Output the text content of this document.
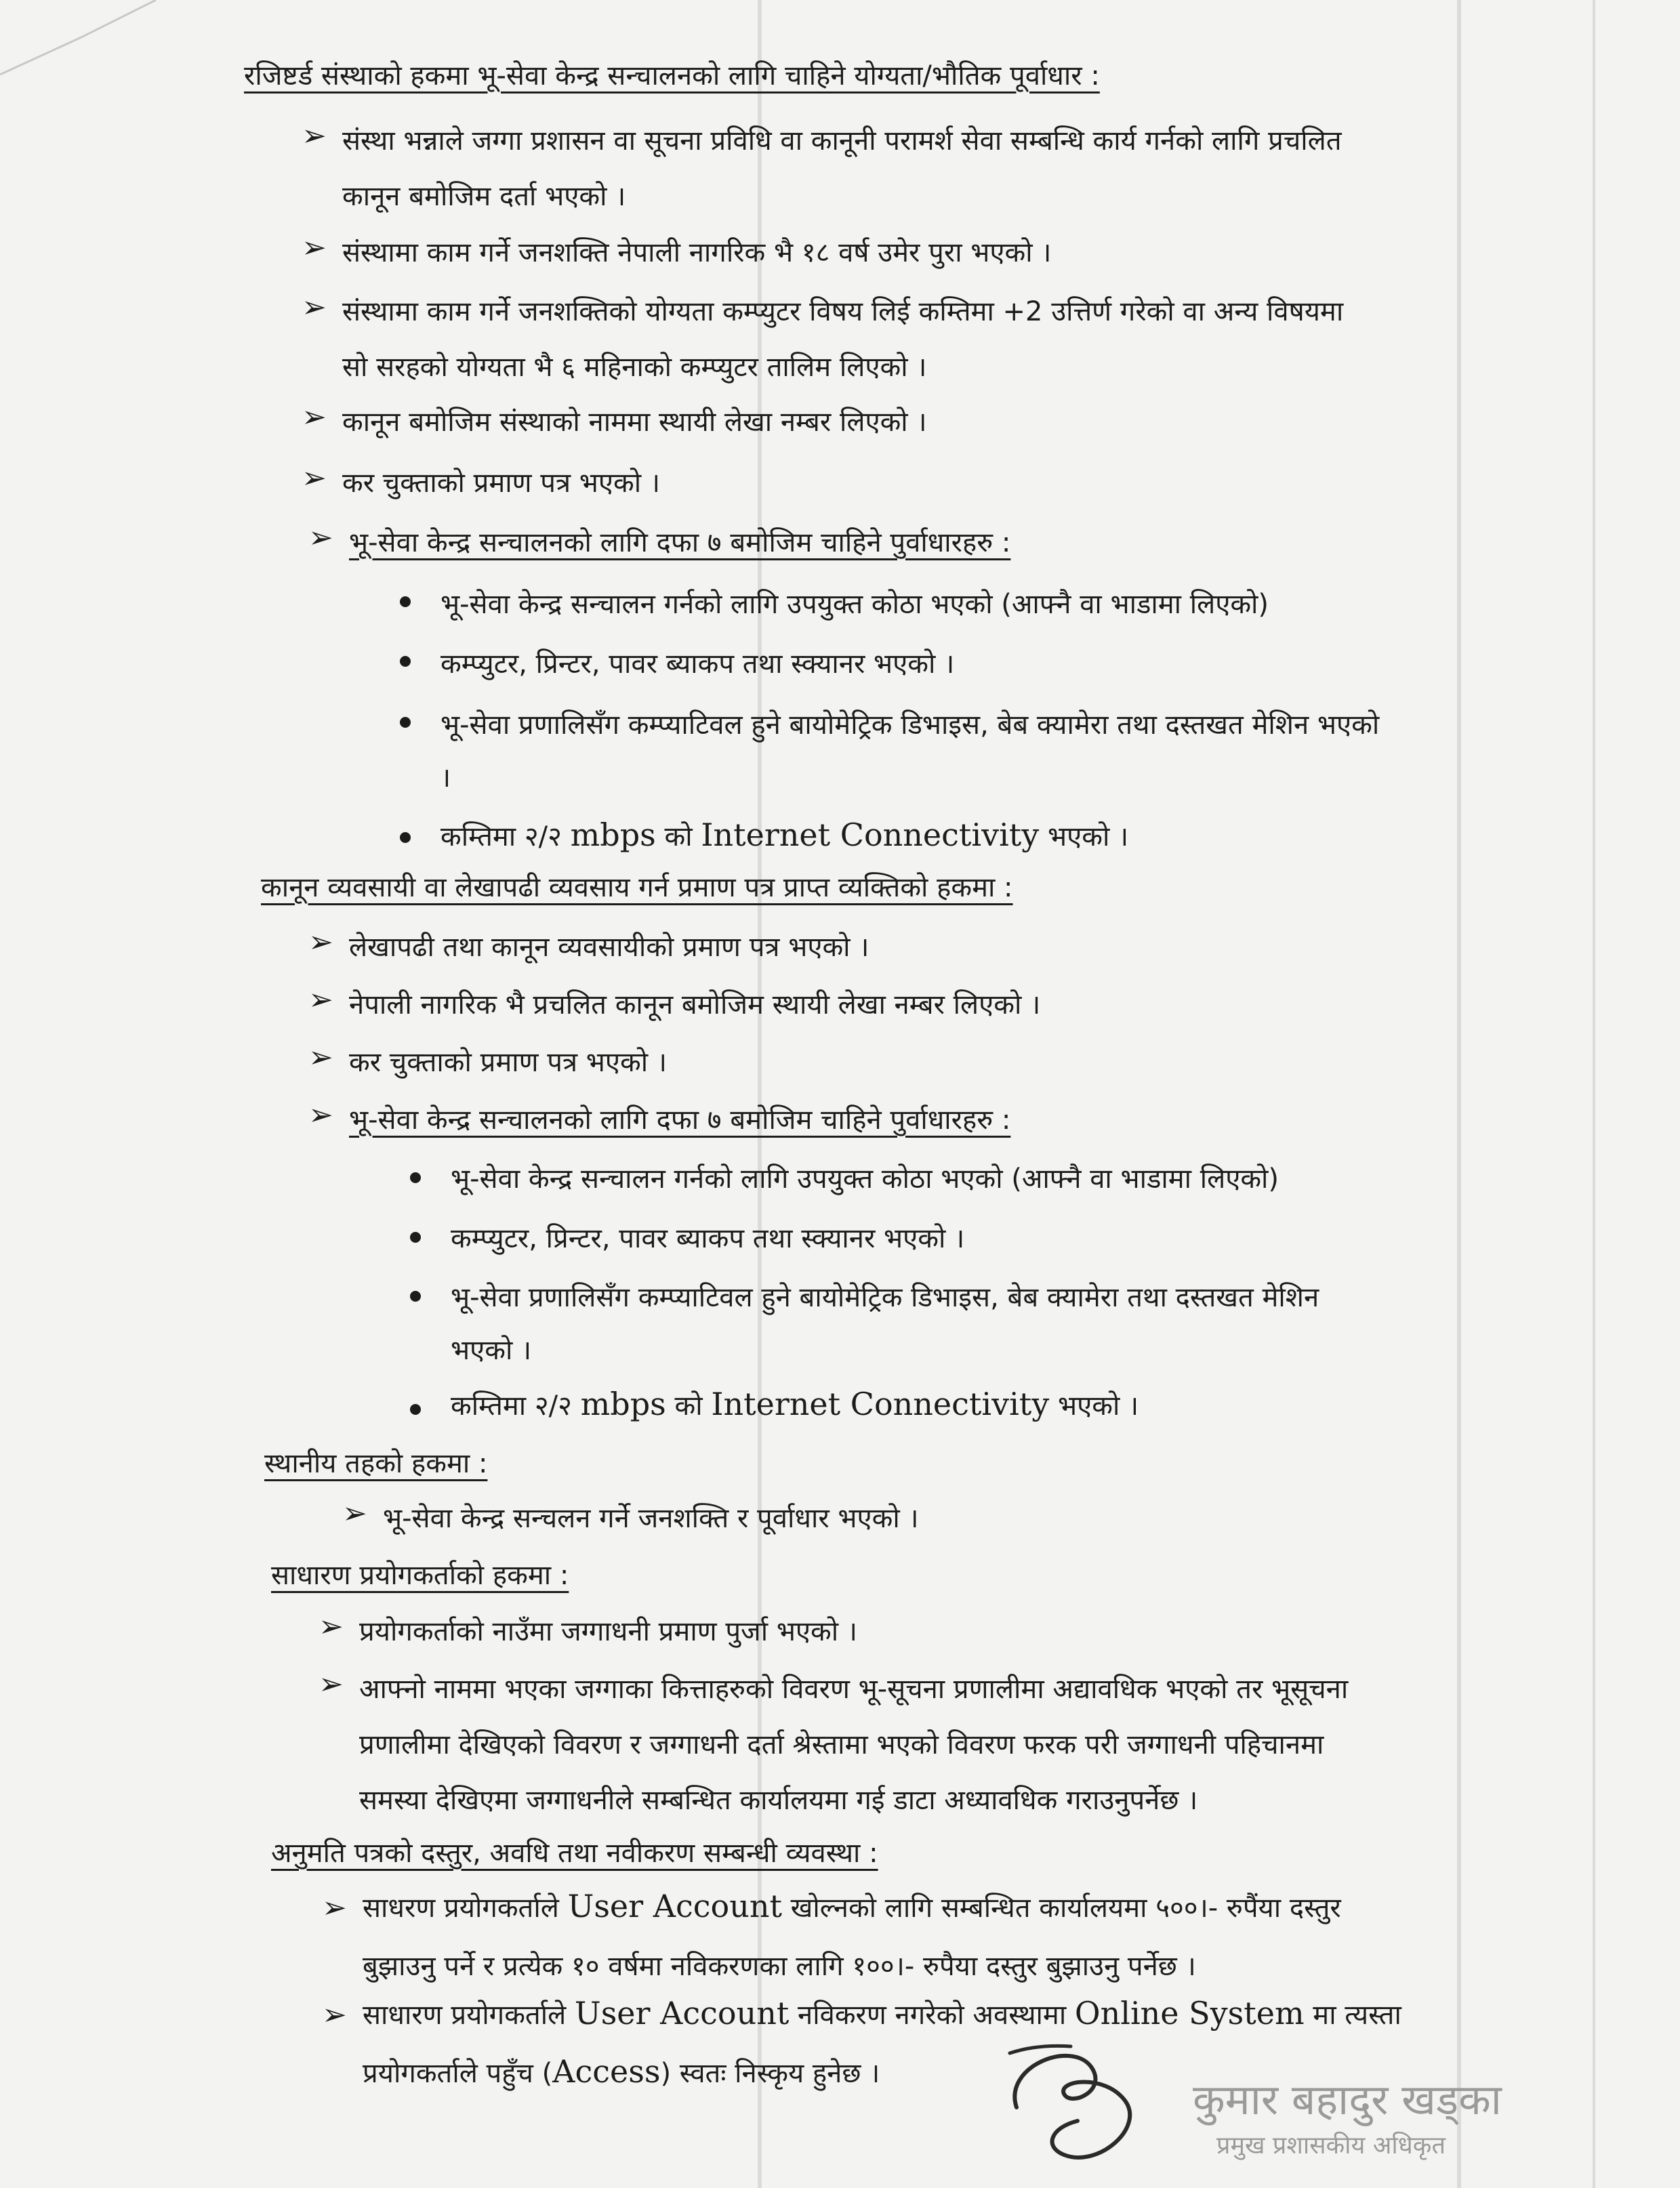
रजिष्टर्ड संस्थाको हकमा भू-सेवा केन्द्र सन्चालनको लागि चाहिने योग्यता/भौतिक पूर्वाधार :
➢ संस्था भन्नाले जग्गा प्रशासन वा सूचना प्रविधि वा कानूनी परामर्श सेवा सम्बन्धि कार्य गर्नको लागि प्रचलित
कानून बमोजिम दर्ता भएको ।
➢ संस्थामा काम गर्ने जनशक्ति नेपाली नागरिक भै १८ वर्ष उमेर पुरा भएको ।
➢ संस्थामा काम गर्ने जनशक्तिको योग्यता कम्प्युटर विषय लिई कम्तिमा +2 उत्तिर्ण गरेको वा अन्य विषयमा
सो सरहको योग्यता भै ६ महिनाको कम्प्युटर तालिम लिएको ।
➢ कानून बमोजिम संस्थाको नाममा स्थायी लेखा नम्बर लिएको ।
➢ कर चुक्ताको प्रमाण पत्र भएको ।
➢ भू-सेवा केन्द्र सन्चालनको लागि दफा ७ बमोजिम चाहिने पुर्वाधारहरु :
भू-सेवा केन्द्र सन्चालन गर्नको लागि उपयुक्त कोठा भएको (आफ्नै वा भाडामा लिएको)
कम्प्युटर, प्रिन्टर, पावर ब्याकप तथा स्क्यानर भएको ।
भू-सेवा प्रणालिसँग कम्प्याटिवल हुने बायोमेट्रिक डिभाइस, बेब क्यामेरा तथा दस्तखत मेशिन भएको
।
कम्तिमा २/२ mbps को Internet Connectivity भएको ।
कानून व्यवसायी वा लेखापढी व्यवसाय गर्न प्रमाण पत्र प्राप्त व्यक्तिको हकमा :
➢ लेखापढी तथा कानून व्यवसायीको प्रमाण पत्र भएको ।
➢ नेपाली नागरिक भै प्रचलित कानून बमोजिम स्थायी लेखा नम्बर लिएको ।
➢ कर चुक्ताको प्रमाण पत्र भएको ।
➢ भू-सेवा केन्द्र सन्चालनको लागि दफा ७ बमोजिम चाहिने पुर्वाधारहरु :
भू-सेवा केन्द्र सन्चालन गर्नको लागि उपयुक्त कोठा भएको (आफ्नै वा भाडामा लिएको)
कम्प्युटर, प्रिन्टर, पावर ब्याकप तथा स्क्यानर भएको ।
भू-सेवा प्रणालिसँग कम्प्याटिवल हुने बायोमेट्रिक डिभाइस, बेब क्यामेरा तथा दस्तखत मेशिन
भएको ।
कम्तिमा २/२ mbps को Internet Connectivity भएको ।
स्थानीय तहको हकमा :
➢ भू-सेवा केन्द्र सन्चलन गर्ने जनशक्ति र पूर्वाधार भएको ।
साधारण प्रयोगकर्ताको हकमा :
➢ प्रयोगकर्ताको नाउँमा जग्गाधनी प्रमाण पुर्जा भएको ।
➢ आफ्नो नाममा भएका जग्गाका कित्ताहरुको विवरण भू-सूचना प्रणालीमा अद्यावधिक भएको तर भूसूचना
प्रणालीमा देखिएको विवरण र जग्गाधनी दर्ता श्रेस्तामा भएको विवरण फरक परी जग्गाधनी पहिचानमा
समस्या देखिएमा जग्गाधनीले सम्बन्धित कार्यालयमा गई डाटा अध्यावधिक गराउनुपर्नेछ ।
अनुमति पत्रको दस्तुर, अवधि तथा नवीकरण सम्बन्धी व्यवस्था :
➢ साधरण प्रयोगकर्ताले User Account खोल्नको लागि सम्बन्धित कार्यालयमा ५००।- रुपैंया दस्तुर
बुझाउनु पर्ने र प्रत्येक १० वर्षमा नविकरणका लागि १००।- रुपैया दस्तुर बुझाउनु पर्नेछ ।
➢ साधारण प्रयोगकर्ताले User Account नविकरण नगरेको अवस्थामा Online System मा त्यस्ता
प्रयोगकर्ताले पहुँच (Access) स्वतः निस्कृय हुनेछ ।
कुमार बहादुर खड्का
प्रमुख प्रशासकीय अधिकृत
